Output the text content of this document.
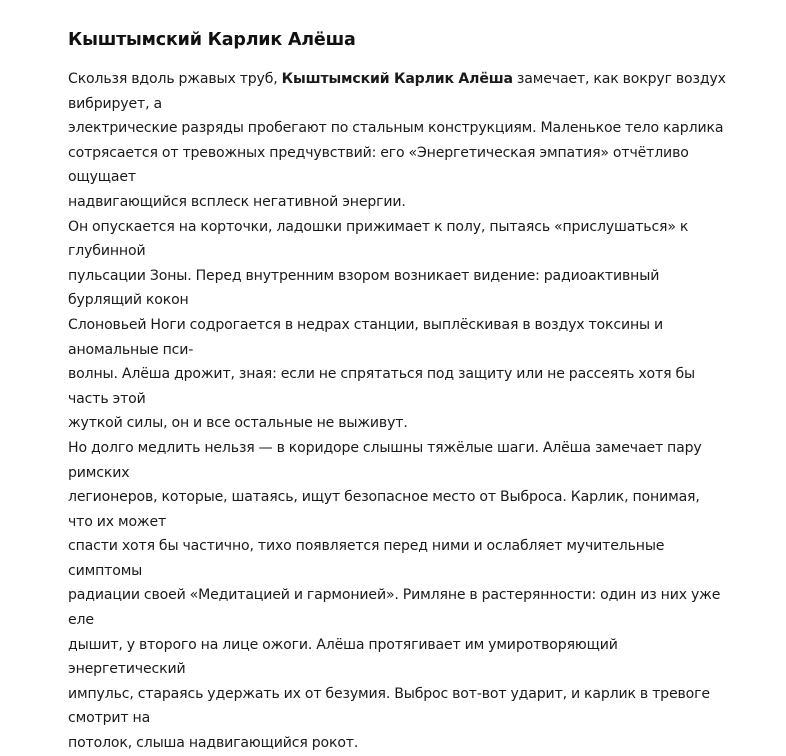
Кыштымский Карлик Алёша

Скользя вдоль ржавых труб, Кыштымский Карлик Алёша замечает, как вокруг воздух вибрирует, а
электрические разряды пробегают по стальным конструкциям. Маленькое тело карлика
сотрясается от тревожных предчувствий: его «Энергетическая эмпатия» отчётливо ощущает
надвигающийся всплеск негативной энергии.

Он опускается на корточки, ладошки прижимает к полу, пытаясь «прислушаться» к глубинной
пульсации Зоны. Перед внутренним взором возникает видение: радиоактивный бурлящий кокон
Слоновьей Ноги содрогается в недрах станции, выплёскивая в воздух токсины и аномальные пси-
волны. Алёша дрожит, зная: если не спрятаться под защиту или не рассеять хотя бы часть этой
жуткой силы, он и все остальные не выживут.

Но долго медлить нельзя — в коридоре слышны тяжёлые шаги. Алёша замечает пару римских
легионеров, которые, шатаясь, ищут безопасное место от Выброса. Карлик, понимая, что их может
спасти хотя бы частично, тихо появляется перед ними и ослабляет мучительные симптомы
радиации своей «Медитацией и гармонией». Римляне в растерянности: один из них уже еле
дышит, у второго на лице ожоги. Алёша протягивает им умиротворяющий энергетический
импульс, стараясь удержать их от безумия. Выброс вот-вот ударит, и карлик в тревоге смотрит на
потолок, слыша надвигающийся рокот.
